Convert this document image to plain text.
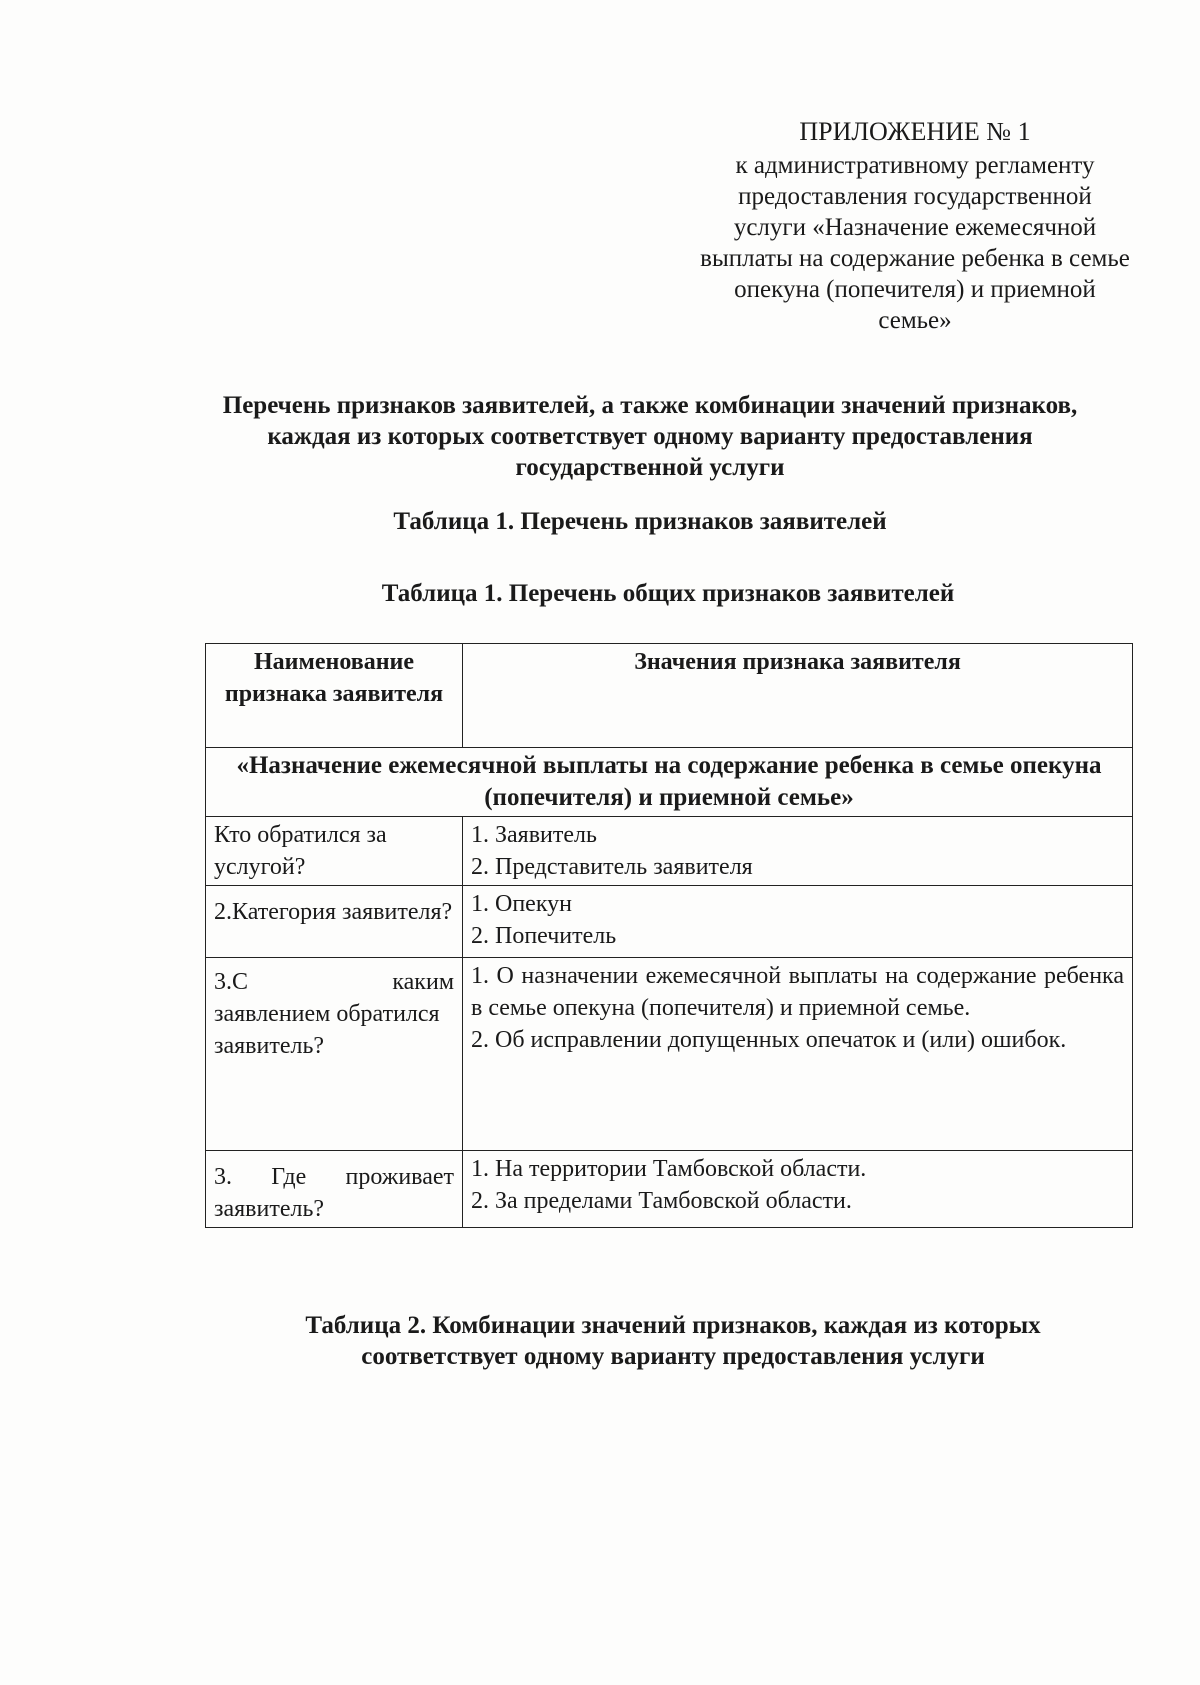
ПРИЛОЖЕНИЕ № 1
к административному регламенту
предоставления государственной
услуги «Назначение ежемесячной
выплаты на содержание ребенка в семье
опекуна (попечителя) и приемной
семье»
Перечень признаков заявителей, а также комбинации значений признаков,
каждая из которых соответствует одному варианту предоставления
государственной услуги
Таблица 1. Перечень признаков заявителей
Таблица 1. Перечень общих признаков заявителей
Наименование признака заявителя	Значения признака заявителя
«Назначение ежемесячной выплаты на содержание ребенка в семье опекуна (попечителя) и приемной семье»	
Кто обратился за услугой?	1. Заявитель
2. Представитель заявителя

2.Категория заявителя?	1. Опекун
2. Попечитель

3.С каким
заявлением обратился заявитель?	1. О назначении ежемесячной выплаты на содержание ребенка в семье опекуна (попечителя) и приемной семье.
2. Об исправлении допущенных опечаток и (или) ошибок.

3. Где проживает заявитель?	1. На территории Тамбовской области.
2. За пределами Тамбовской области.
Таблица 2. Комбинации значений признаков, каждая из которых
соответствует одному варианту предоставления услуги
